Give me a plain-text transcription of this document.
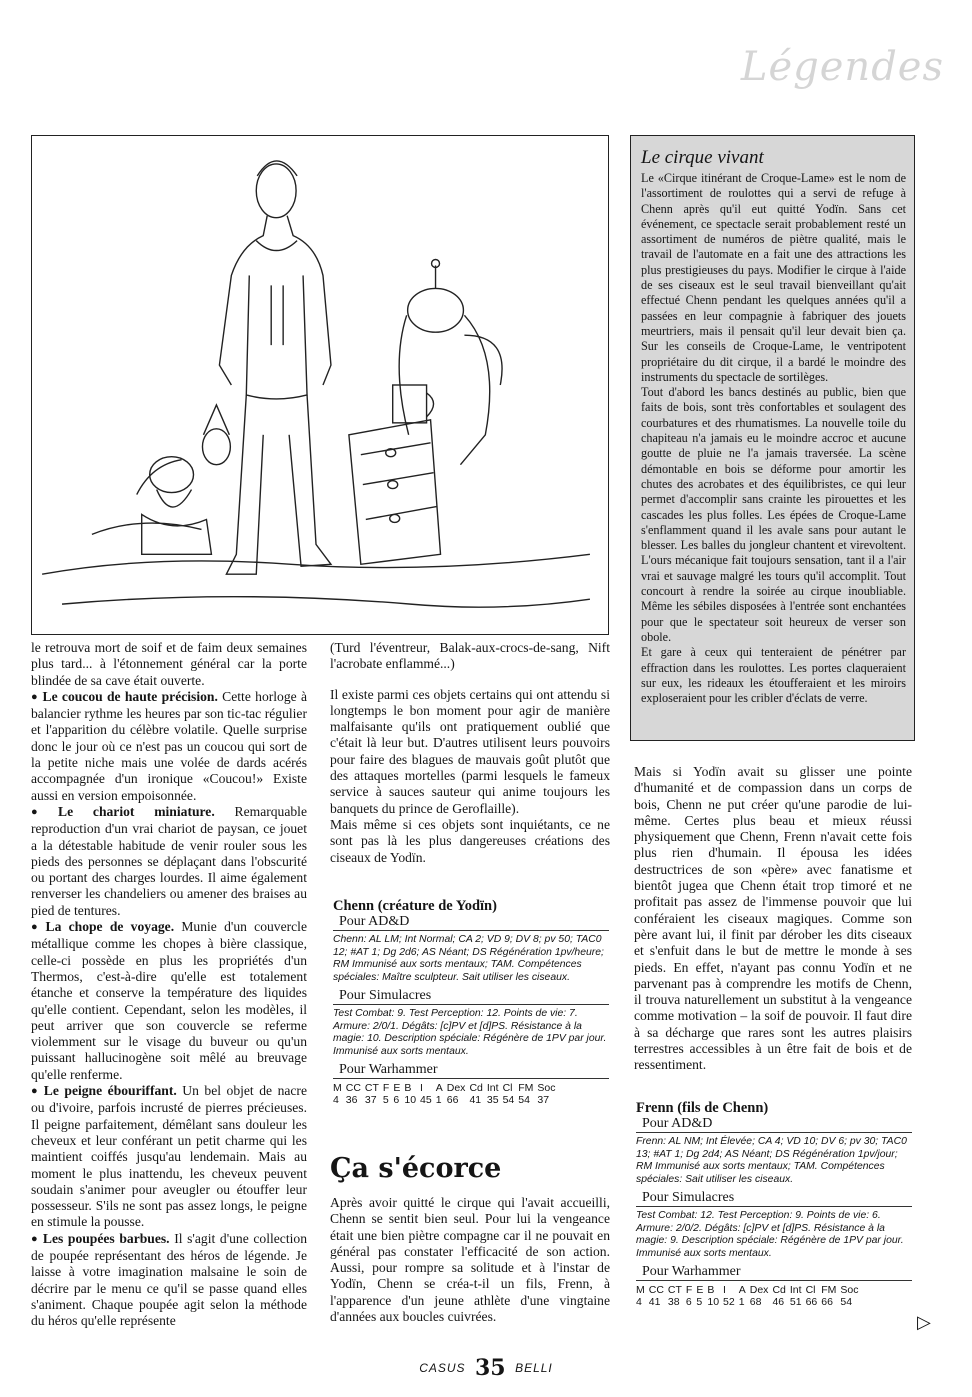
Légendes

le retrouva mort de soif et de faim deux semaines plus tard... à l'étonnement général car la porte blindée de sa cave était ouverte.

● Le coucou de haute précision. Cette horloge à balancier rythme les heures par son tic-tac régulier et l'apparition du célèbre volatile. Quelle surprise donc le jour où ce n'est pas un coucou qui sort de la petite niche mais une volée de dards acérés accompagnée d'un ironique «Coucou!» Existe aussi en version empoisonnée.

● Le chariot miniature. Remarquable reproduction d'un vrai chariot de paysan, ce jouet a la détestable habitude de venir rouler sous les pieds des personnes se déplaçant dans l'obscurité ou portant des charges lourdes. Il aime également renverser les chandeliers ou amener des braises au pied de tentures.

● La chope de voyage. Munie d'un couvercle métallique comme les chopes à bière classique, celle-ci possède en plus les propriétés d'un Thermos, c'est-à-dire qu'elle est totalement étanche et conserve la température des liquides qu'elle contient. Cependant, selon les modèles, il peut arriver que son couvercle se referme violemment sur le visage du buveur ou qu'un puissant hallucinogène soit mêlé au breuvage qu'elle renferme.

● Le peigne ébouriffant. Un bel objet de nacre ou d'ivoire, parfois incrusté de pierres précieuses. Il peigne parfaitement, démêlant sans douleur les cheveux et leur conférant un petit charme qui les maintient coiffés jusqu'au lendemain. Mais au moment le plus inattendu, les cheveux peuvent soudain s'animer pour aveugler ou étouffer leur possesseur. S'ils ne sont pas assez longs, le peigne en stimule la pousse.

● Les poupées barbues. Il s'agit d'une collection de poupée représentant des héros de légende. Je laisse à votre imagination malsaine le soin de décrire par le menu ce qu'il se passe quand elles s'animent. Chaque poupée agit selon la méthode du héros qu'elle représente

(Turd l'éventreur, Balak-aux-crocs-de-sang, Nift l'acrobate enflammé...)

Il existe parmi ces objets certains qui ont attendu si longtemps le bon moment pour agir de manière malfaisante qu'ils ont pratiquement oublié que c'était là leur but. D'autres utilisent leurs pouvoirs pour faire des blagues de mauvais goût plutôt que des attaques mortelles (parmi lesquels le fameux service à sauces sauteur qui anime toujours les banquets du prince de Geroflaille).

Mais même si ces objets sont inquiétants, ce ne sont pas là les plus dangereuses créations des ciseaux de Yodïn.

Chenn (créature de Yodïn)
Pour AD&D
Chenn: AL LM; Int Normal; CA 2; VD 9; DV 8; pv 50; TAC0 12; #AT 1; Dg 2d6; AS Néant; DS Régénération 1pv/heure; RM Immunisé aux sorts mentaux; TAM. Compétences spéciales: Maître sculpteur. Sait utiliser les ciseaux.
Pour Simulacres
Test Combat: 9. Test Perception: 12. Points de vie: 7. Armure: 2/0/1. Dégâts: [c]PV et [d]PS. Résistance à la magie: 10. Description spéciale: Régénère de 1PV par jour. Immunisé aux sorts mentaux.
Pour Warhammer
M	CC	CT	F	E	B	I	A	Dex	Cd	Int	Cl	FM	Soc
4	36	37	5	6	10	45	1	66	41	35	54	54	37
Ça s'écorce

Après avoir quitté le cirque qui l'avait accueilli, Chenn se sentit bien seul. Pour lui la vengeance était une bien piètre compagne car il ne pouvait en général pas constater l'efficacité de son action. Aussi, pour rompre sa solitude et à l'instar de Yodïn, Chenn se créa-t-il un fils, Frenn, à l'apparence d'un jeune athlète d'une vingtaine d'années aux boucles cuivrées.

Le cirque vivant

Le «Cirque itinérant de Croque-Lame» est le nom de l'assortiment de roulottes qui a servi de refuge à Chenn après qu'il eut quitté Yodïn. Sans cet événement, ce spectacle serait probablement resté un assortiment de numéros de piètre qualité, mais le travail de l'automate en a fait une des attractions les plus prestigieuses du pays. Modifier le cirque à l'aide de ses ciseaux est le seul travail bienveillant qu'ait effectué Chenn pendant les quelques années qu'il a passées en leur compagnie à fabriquer des jouets meurtriers, mais il pensait qu'il leur devait bien ça. Sur les conseils de Croque-Lame, le ventripotent propriétaire du dit cirque, il a bardé le moindre des instruments du spectacle de sortilèges.

Tout d'abord les bancs destinés au public, bien que faits de bois, sont très confortables et soulagent des courbatures et des rhumatismes. La nouvelle toile du chapiteau n'a jamais eu le moindre accroc et aucune goutte de pluie ne l'a jamais traversée. La scène démontable en bois se déforme pour amortir les chutes des acrobates et des équilibristes, ce qui leur permet d'accomplir sans crainte les pirouettes et les cascades les plus folles. Les épées de Croque-Lame s'enflamment quand il les avale sans pour autant le blesser. Les balles du jongleur chantent et virevoltent. L'ours mécanique fait toujours sensation, tant il a l'air vrai et sauvage malgré les tours qu'il accomplit. Tout concourt à rendre la soirée au cirque inoubliable. Même les sébiles disposées à l'entrée sont enchantées pour que le spectateur soit heureux de verser son obole.

Et gare à ceux qui tenteraient de pénétrer par effraction dans les roulottes. Les portes claqueraient sur eux, les rideaux les étoufferaient et les miroirs exploseraient pour les cribler d'éclats de verre.

Mais si Yodïn avait su glisser une pointe d'humanité et de compassion dans un corps de bois, Chenn ne put créer qu'une parodie de lui-même. Certes plus beau et mieux réussi physiquement que Chenn, Frenn n'avait cette fois plus rien d'humain. Il épousa les idées destructrices de son «père» avec fanatisme et bientôt jugea que Chenn était trop timoré et ne profitait pas assez de l'immense pouvoir que lui conféraient les ciseaux magiques. Comme son père avant lui, il finit par dérober les dits ciseaux et s'enfuit dans le but de mettre le monde à ses pieds. En effet, n'ayant pas connu Yodïn et ne parvenant pas à comprendre les motifs de Chenn, il trouva naturellement un substitut à la vengeance comme motivation – la soif de pouvoir. Il faut dire à sa décharge que rares sont les autres plaisirs terrestres accessibles à un être fait de bois et de ressentiment.

Frenn (fils de Chenn)
Pour AD&D
Frenn: AL NM; Int Élevée; CA 4; VD 10; DV 6; pv 30; TAC0 13; #AT 1; Dg 2d4; AS Néant; DS Régénération 1pv/jour; RM Immunisé aux sorts mentaux; TAM. Compétences spéciales: Sait utiliser les ciseaux.
Pour Simulacres
Test Combat: 12. Test Perception: 9. Points de vie: 6. Armure: 2/0/2. Dégâts: [c]PV et [d]PS. Résistance à la magie: 9. Description spéciale: Régénère de 1PV par jour. Immunisé aux sorts mentaux.
Pour Warhammer
M	CC	CT	F	E	B	I	A	Dex	Cd	Int	Cl	FM	Soc
4	41	38	6	5	10	52	1	68	46	51	66	66	54
▷
CASUS 35 BELLI
